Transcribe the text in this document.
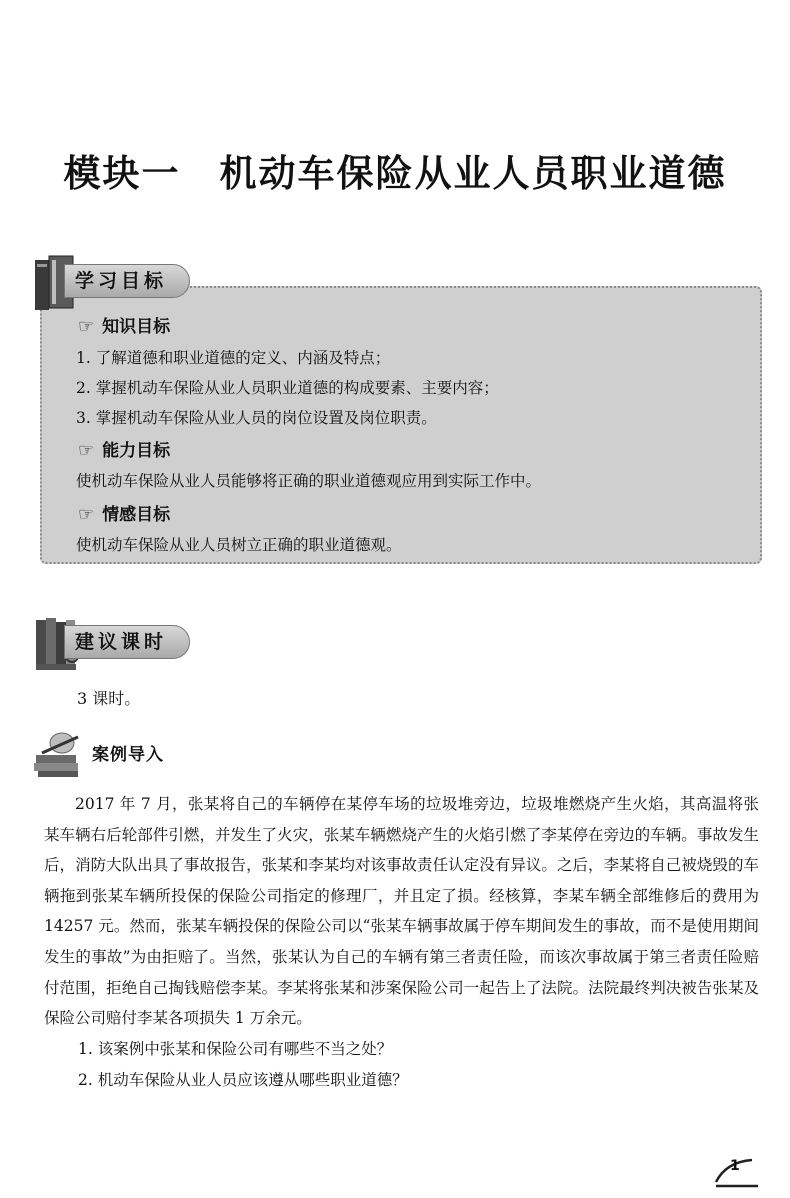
模块一　机动车保险从业人员职业道德
学习目标
☞ 知识目标
1. 了解道德和职业道德的定义、内涵及特点；
2. 掌握机动车保险从业人员职业道德的构成要素、主要内容；
3. 掌握机动车保险从业人员的岗位设置及岗位职责。
☞ 能力目标
使机动车保险从业人员能够将正确的职业道德观应用到实际工作中。
☞ 情感目标
使机动车保险从业人员树立正确的职业道德观。
建议课时
3 课时。
案例导入

2017 年 7 月，张某将自己的车辆停在某停车场的垃圾堆旁边，垃圾堆燃烧产生火焰，其高温将张某车辆右后轮部件引燃，并发生了火灾，张某车辆燃烧产生的火焰引燃了李某停在旁边的车辆。事故发生后，消防大队出具了事故报告，张某和李某均对该事故责任认定没有异议。之后，李某将自己被烧毁的车辆拖到张某车辆所投保的保险公司指定的修理厂，并且定了损。经核算，李某车辆全部维修后的费用为 14257 元。然而，张某车辆投保的保险公司以“张某车辆事故属于停车期间发生的事故，而不是使用期间发生的事故”为由拒赔了。当然，张某认为自己的车辆有第三者责任险，而该次事故属于第三者责任险赔付范围，拒绝自己掏钱赔偿李某。李某将张某和涉案保险公司一起告上了法院。法院最终判决被告张某及保险公司赔付李某各项损失 1 万余元。

1. 该案例中张某和保险公司有哪些不当之处？
2. 机动车保险从业人员应该遵从哪些职业道德？
1
